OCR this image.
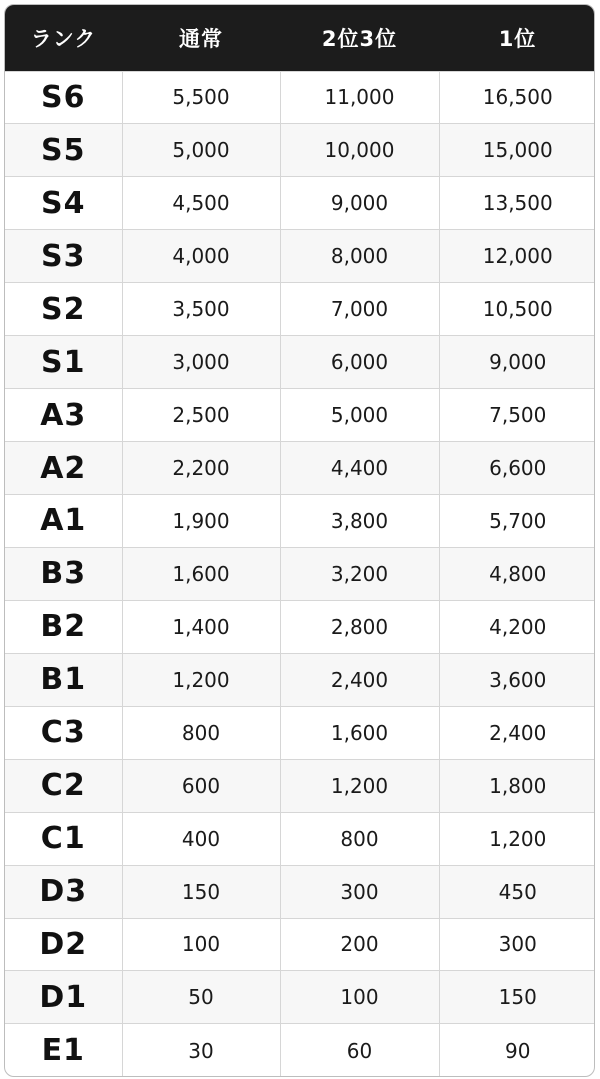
ランク	通常	2位3位	1位
S6	5,500	11,000	16,500
S5	5,000	10,000	15,000
S4	4,500	9,000	13,500
S3	4,000	8,000	12,000
S2	3,500	7,000	10,500
S1	3,000	6,000	9,000
A3	2,500	5,000	7,500
A2	2,200	4,400	6,600
A1	1,900	3,800	5,700
B3	1,600	3,200	4,800
B2	1,400	2,800	4,200
B1	1,200	2,400	3,600
C3	800	1,600	2,400
C2	600	1,200	1,800
C1	400	800	1,200
D3	150	300	450
D2	100	200	300
D1	50	100	150
E1	30	60	90
